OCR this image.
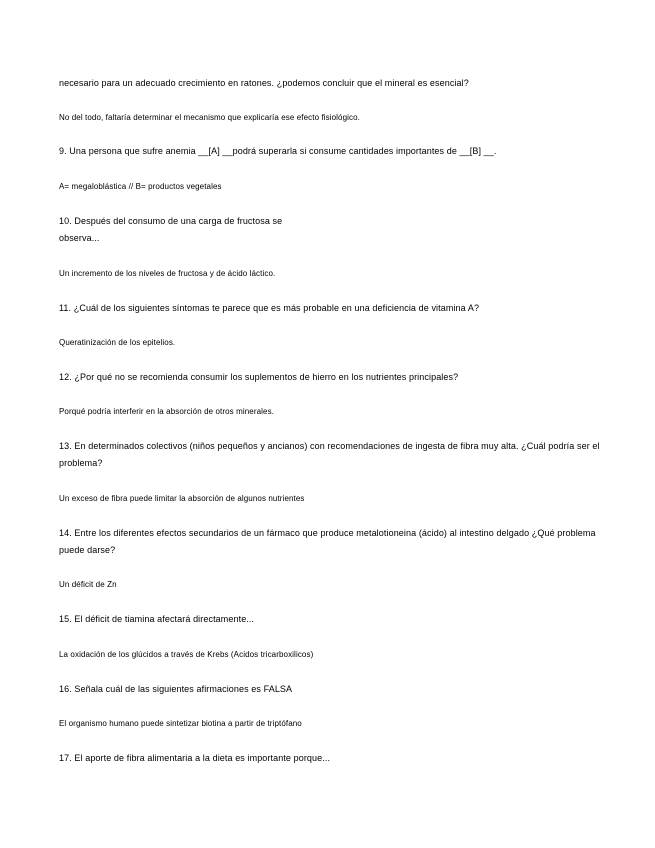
necesario para un adecuado crecimiento en ratones. ¿podemos concluir que el mineral es esencial?

No del todo, faltaría determinar el mecanismo que explicaría ese efecto fisiológico.

9. Una persona que sufre anemia __[A] __podrá superarla si consume cantidades importantes de __[B] __.

A= megaloblástica // B= productos vegetales

10. Después del consumo de una carga de fructosa se
observa...

Un incremento de los niveles de fructosa y de ácido láctico.

11. ¿Cuál de los siguientes síntomas te parece que es más probable en una deficiencia de vitamina A?

Queratinización de los epitelios.

12. ¿Por qué no se recomienda consumir los suplementos de hierro en los nutrientes principales?

Porqué podría interferir en la absorción de otros minerales.

13. En determinados colectivos (niños pequeños y ancianos) con recomendaciones de ingesta de fibra muy alta. ¿Cuál podría ser el problema?

Un exceso de fibra puede limitar la absorción de algunos nutrientes

14. Entre los diferentes efectos secundarios de un fármaco que produce metalotioneina (ácido) al intestino delgado ¿Qué problema puede darse?

Un déficit de Zn

15. El déficit de tiamina afectará directamente...

La oxidación de los glúcidos a través de Krebs (Acidos tricarboxilicos)

16. Señala cuál de las siguientes afirmaciones es FALSA

El organismo humano puede sintetizar biotina a partir de triptófano

17. El aporte de fibra alimentaria a la dieta es importante porque...
